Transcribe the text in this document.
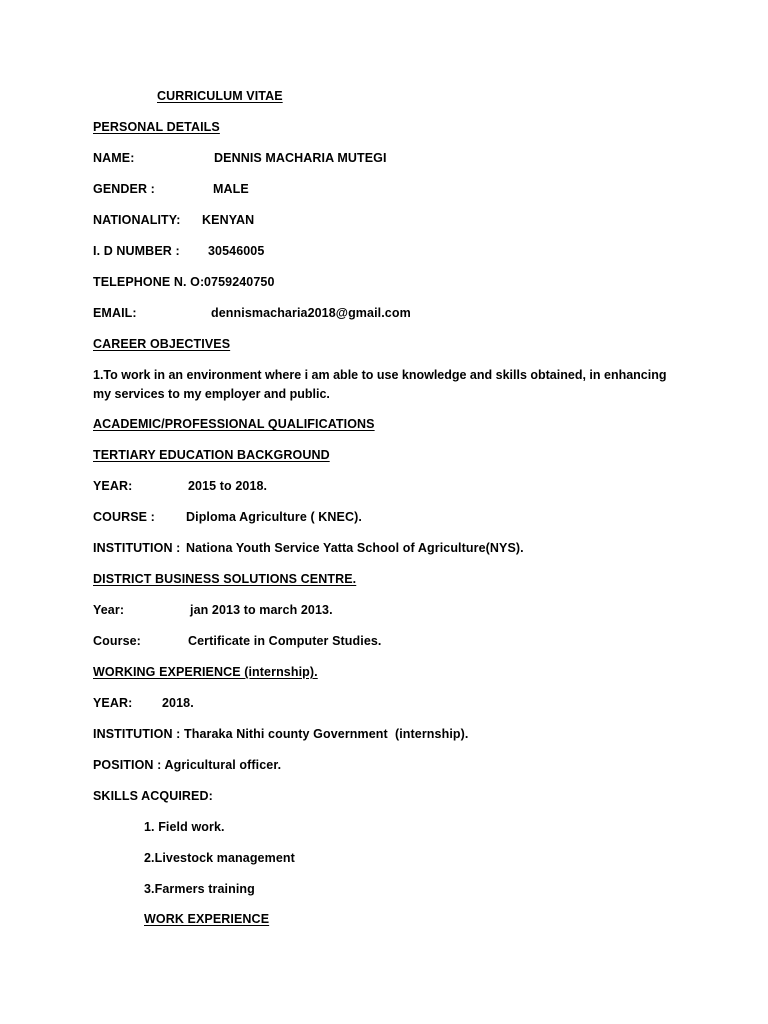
CURRICULUM VITAE
PERSONAL DETAILS
NAME:	DENNIS MACHARIA MUTEGI
GENDER :	MALE
NATIONALITY: KENYAN
I. D NUMBER : 30546005
TELEPHONE N. O: 0759240750
EMAIL:	dennismacharia2018@gmail.com
CAREER OBJECTIVES
1.To work in an environment where i am able to use knowledge and skills obtained, in enhancing my services to my employer and public.
ACADEMIC/PROFESSIONAL QUALIFICATIONS
TERTIARY EDUCATION BACKGROUND
YEAR:	2015 to 2018.
COURSE : Diploma Agriculture ( KNEC).
INSTITUTION : Nationa Youth Service Yatta School of Agriculture(NYS).
DISTRICT BUSINESS SOLUTIONS CENTRE.
Year:	jan 2013 to march 2013.
Course:	Certificate in Computer Studies.
WORKING EXPERIENCE (internship).
YEAR: 2018.
INSTITUTION : Tharaka Nithi county Government  (internship).
POSITION : Agricultural officer.
SKILLS ACQUIRED:
1. Field work.
2.Livestock management
3.Farmers training
WORK EXPERIENCE
